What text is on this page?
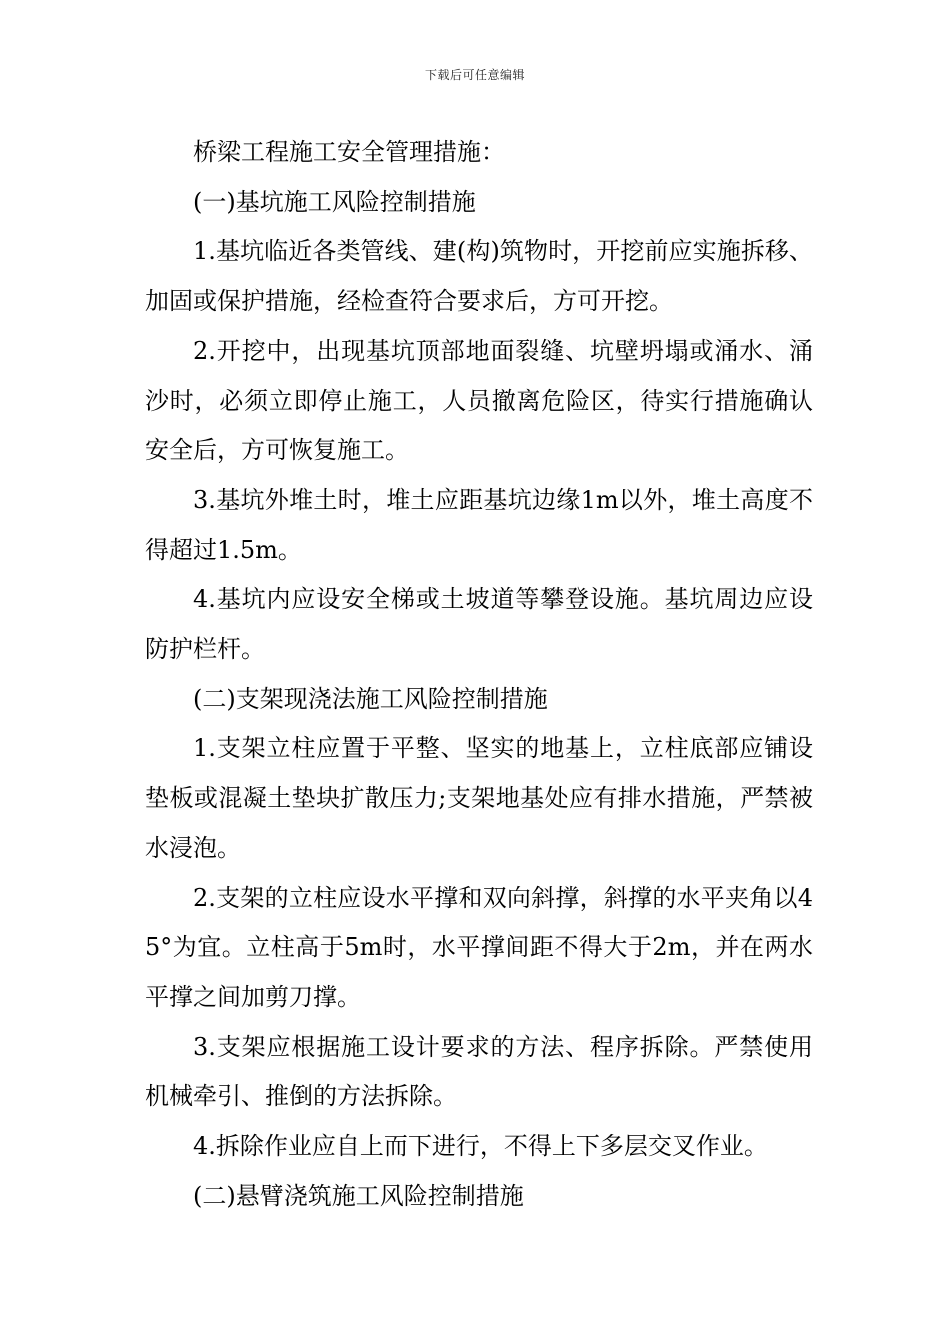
下载后可任意编辑

桥梁工程施工安全管理措施：

(一)基坑施工风险控制措施

1.基坑临近各类管线、建(构)筑物时，开挖前应实施拆移、加固或保护措施，经检查符合要求后，方可开挖。

2.开挖中，出现基坑顶部地面裂缝、坑壁坍塌或涌水、涌沙时，必须立即停止施工，人员撤离危险区，待实行措施确认安全后，方可恢复施工。

3.基坑外堆土时，堆土应距基坑边缘1m以外，堆土高度不得超过1.5m。

4.基坑内应设安全梯或土坡道等攀登设施。基坑周边应设防护栏杆。

(二)支架现浇法施工风险控制措施

1.支架立柱应置于平整、坚实的地基上，立柱底部应铺设垫板或混凝土垫块扩散压力;支架地基处应有排水措施，严禁被水浸泡。

2.支架的立柱应设水平撑和双向斜撑，斜撑的水平夹角以45°为宜。立柱高于5m时，水平撑间距不得大于2m，并在两水平撑之间加剪刀撑。

3.支架应根据施工设计要求的方法、程序拆除。严禁使用机械牵引、推倒的方法拆除。

4.拆除作业应自上而下进行，不得上下多层交叉作业。

(二)悬臂浇筑施工风险控制措施
